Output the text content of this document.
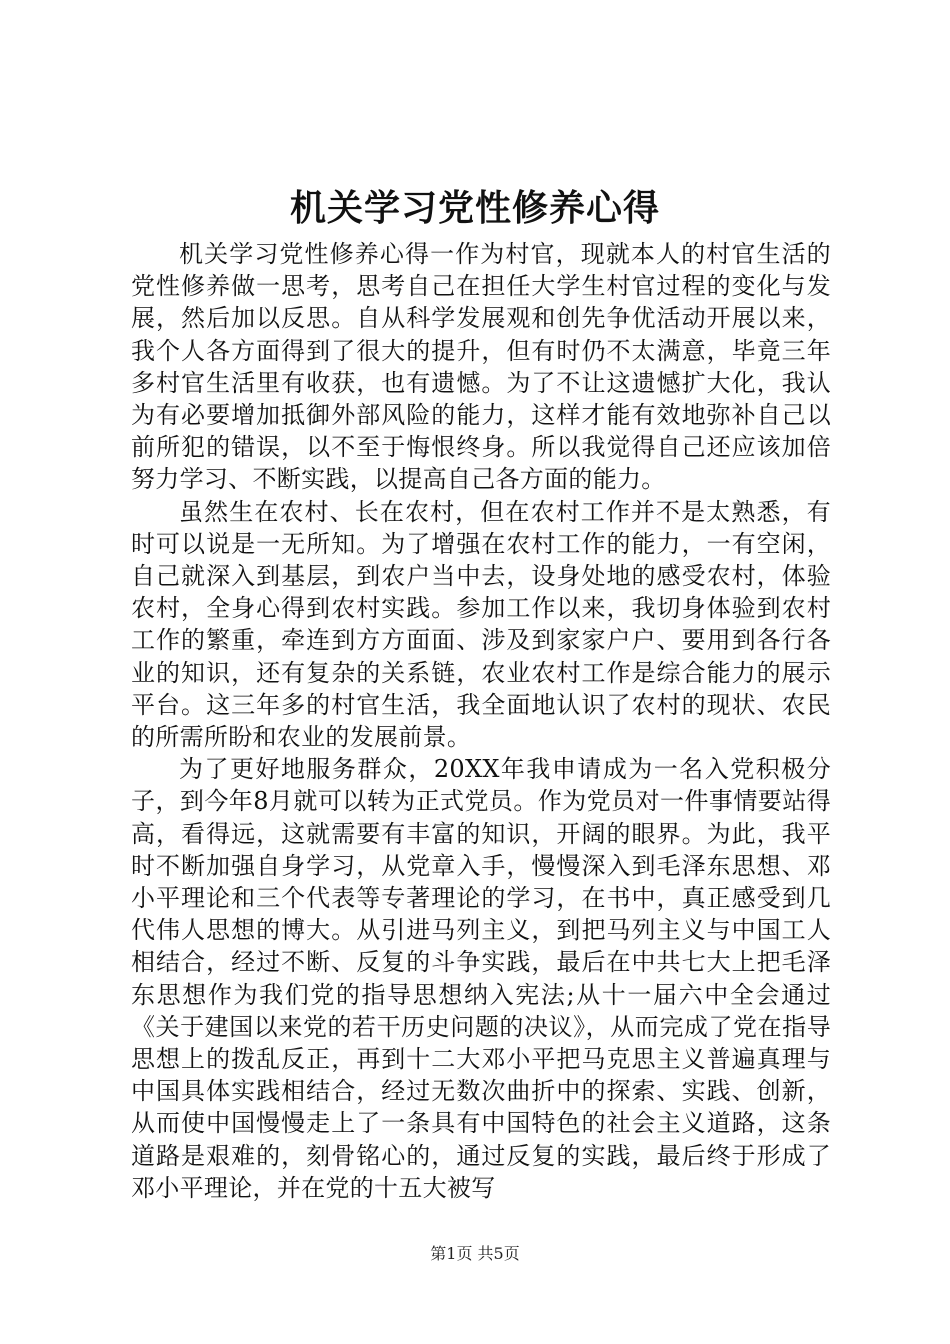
机关学习党性修养心得

机关学习党性修养心得一作为村官，现就本人的村官生活的党性修养做一思考，思考自己在担任大学生村官过程的变化与发展，然后加以反思。自从科学发展观和创先争优活动开展以来，我个人各方面得到了很大的提升，但有时仍不太满意，毕竟三年多村官生活里有收获，也有遗憾。为了不让这遗憾扩大化，我认为有必要增加抵御外部风险的能力，这样才能有效地弥补自己以前所犯的错误，以不至于悔恨终身。所以我觉得自己还应该加倍努力学习、不断实践，以提高自己各方面的能力。

虽然生在农村、长在农村，但在农村工作并不是太熟悉，有时可以说是一无所知。为了增强在农村工作的能力，一有空闲，自己就深入到基层，到农户当中去，设身处地的感受农村，体验农村，全身心得到农村实践。参加工作以来，我切身体验到农村工作的繁重，牵连到方方面面、涉及到家家户户、要用到各行各业的知识，还有复杂的关系链，农业农村工作是综合能力的展示平台。这三年多的村官生活，我全面地认识了农村的现状、农民的所需所盼和农业的发展前景。

为了更好地服务群众，20XX年我申请成为一名入党积极分子，到今年8月就可以转为正式党员。作为党员对一件事情要站得高，看得远，这就需要有丰富的知识，开阔的眼界。为此，我平时不断加强自身学习，从党章入手，慢慢深入到毛泽东思想、邓小平理论和三个代表等专著理论的学习，在书中，真正感受到几代伟人思想的博大。从引进马列主义，到把马列主义与中国工人相结合，经过不断、反复的斗争实践，最后在中共七大上把毛泽东思想作为我们党的指导思想纳入宪法;从十一届六中全会通过《关于建国以来党的若干历史问题的决议》，从而完成了党在指导思想上的拨乱反正，再到十二大邓小平把马克思主义普遍真理与中国具体实践相结合，经过无数次曲折中的探索、实践、创新，从而使中国慢慢走上了一条具有中国特色的社会主义道路，这条道路是艰难的，刻骨铭心的，通过反复的实践，最后终于形成了邓小平理论，并在党的十五大被写

第1页 共5页
